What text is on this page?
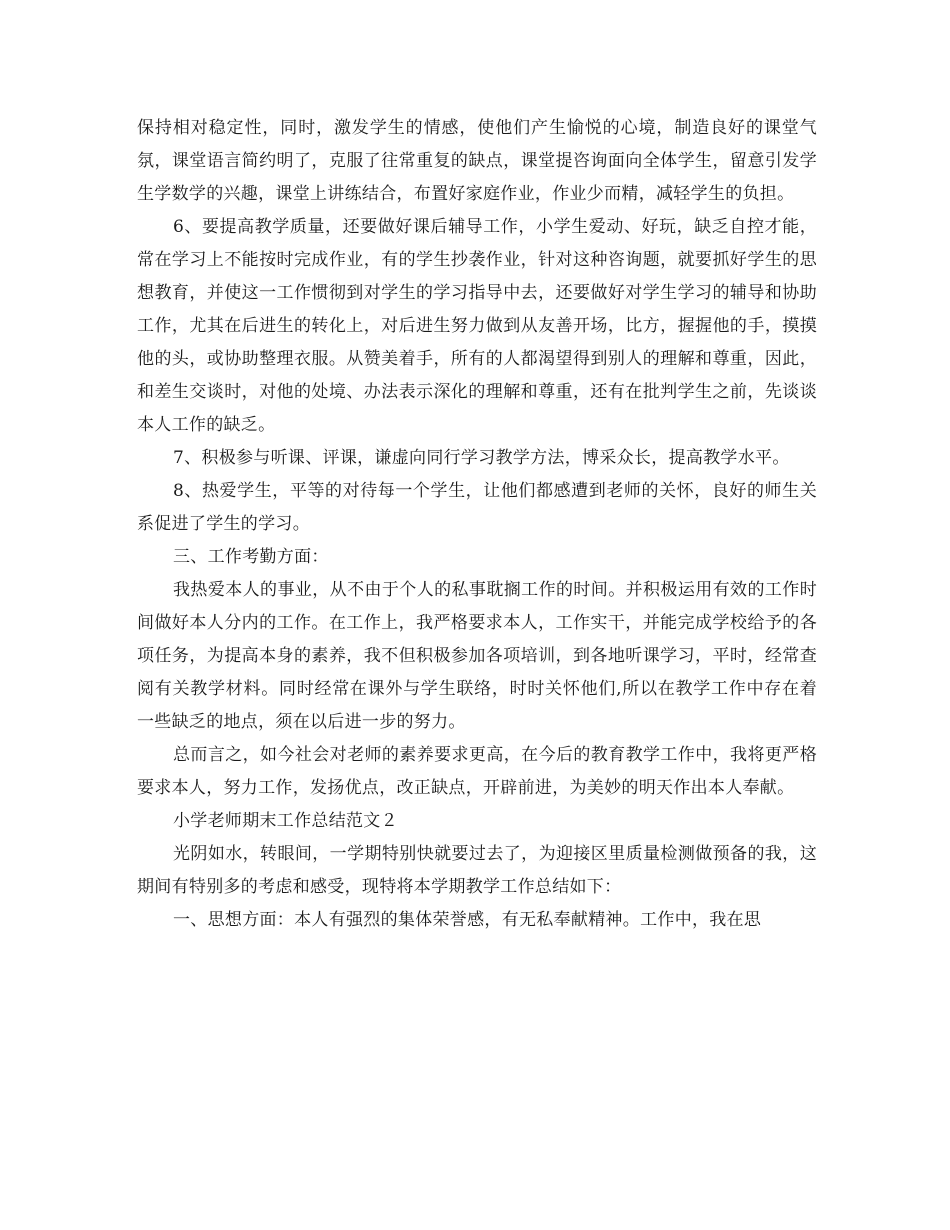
保持相对稳定性，同时，激发学生的情感，使他们产生愉悦的心境，制造良好的课堂气氛，课堂语言简约明了，克服了往常重复的缺点，课堂提咨询面向全体学生，留意引发学生学数学的兴趣，课堂上讲练结合，布置好家庭作业，作业少而精，减轻学生的负担。

6、要提高教学质量，还要做好课后辅导工作，小学生爱动、好玩，缺乏自控才能，常在学习上不能按时完成作业，有的学生抄袭作业，针对这种咨询题，就要抓好学生的思想教育，并使这一工作惯彻到对学生的学习指导中去，还要做好对学生学习的辅导和协助工作，尤其在后进生的转化上，对后进生努力做到从友善开场，比方，握握他的手，摸摸他的头，或协助整理衣服。从赞美着手，所有的人都渴望得到别人的理解和尊重，因此，和差生交谈时，对他的处境、办法表示深化的理解和尊重，还有在批判学生之前，先谈谈本人工作的缺乏。

7、积极参与听课、评课，谦虚向同行学习教学方法，博采众长，提高教学水平。

8、热爱学生，平等的对待每一个学生，让他们都感遭到老师的关怀，良好的师生关系促进了学生的学习。

三、工作考勤方面：

我热爱本人的事业，从不由于个人的私事耽搁工作的时间。并积极运用有效的工作时间做好本人分内的工作。在工作上，我严格要求本人，工作实干，并能完成学校给予的各项任务，为提高本身的素养，我不但积极参加各项培训，到各地听课学习，平时，经常查阅有关教学材料。同时经常在课外与学生联络，时时关怀他们,所以在教学工作中存在着一些缺乏的地点，须在以后进一步的努力。

总而言之，如今社会对老师的素养要求更高，在今后的教育教学工作中，我将更严格要求本人，努力工作，发扬优点，改正缺点，开辟前进，为美妙的明天作出本人奉献。

小学老师期末工作总结范文２

光阴如水，转眼间，一学期特别快就要过去了，为迎接区里质量检测做预备的我，这期间有特别多的考虑和感受，现特将本学期教学工作总结如下：

一、思想方面：本人有强烈的集体荣誉感，有无私奉献精神。工作中，我在思
